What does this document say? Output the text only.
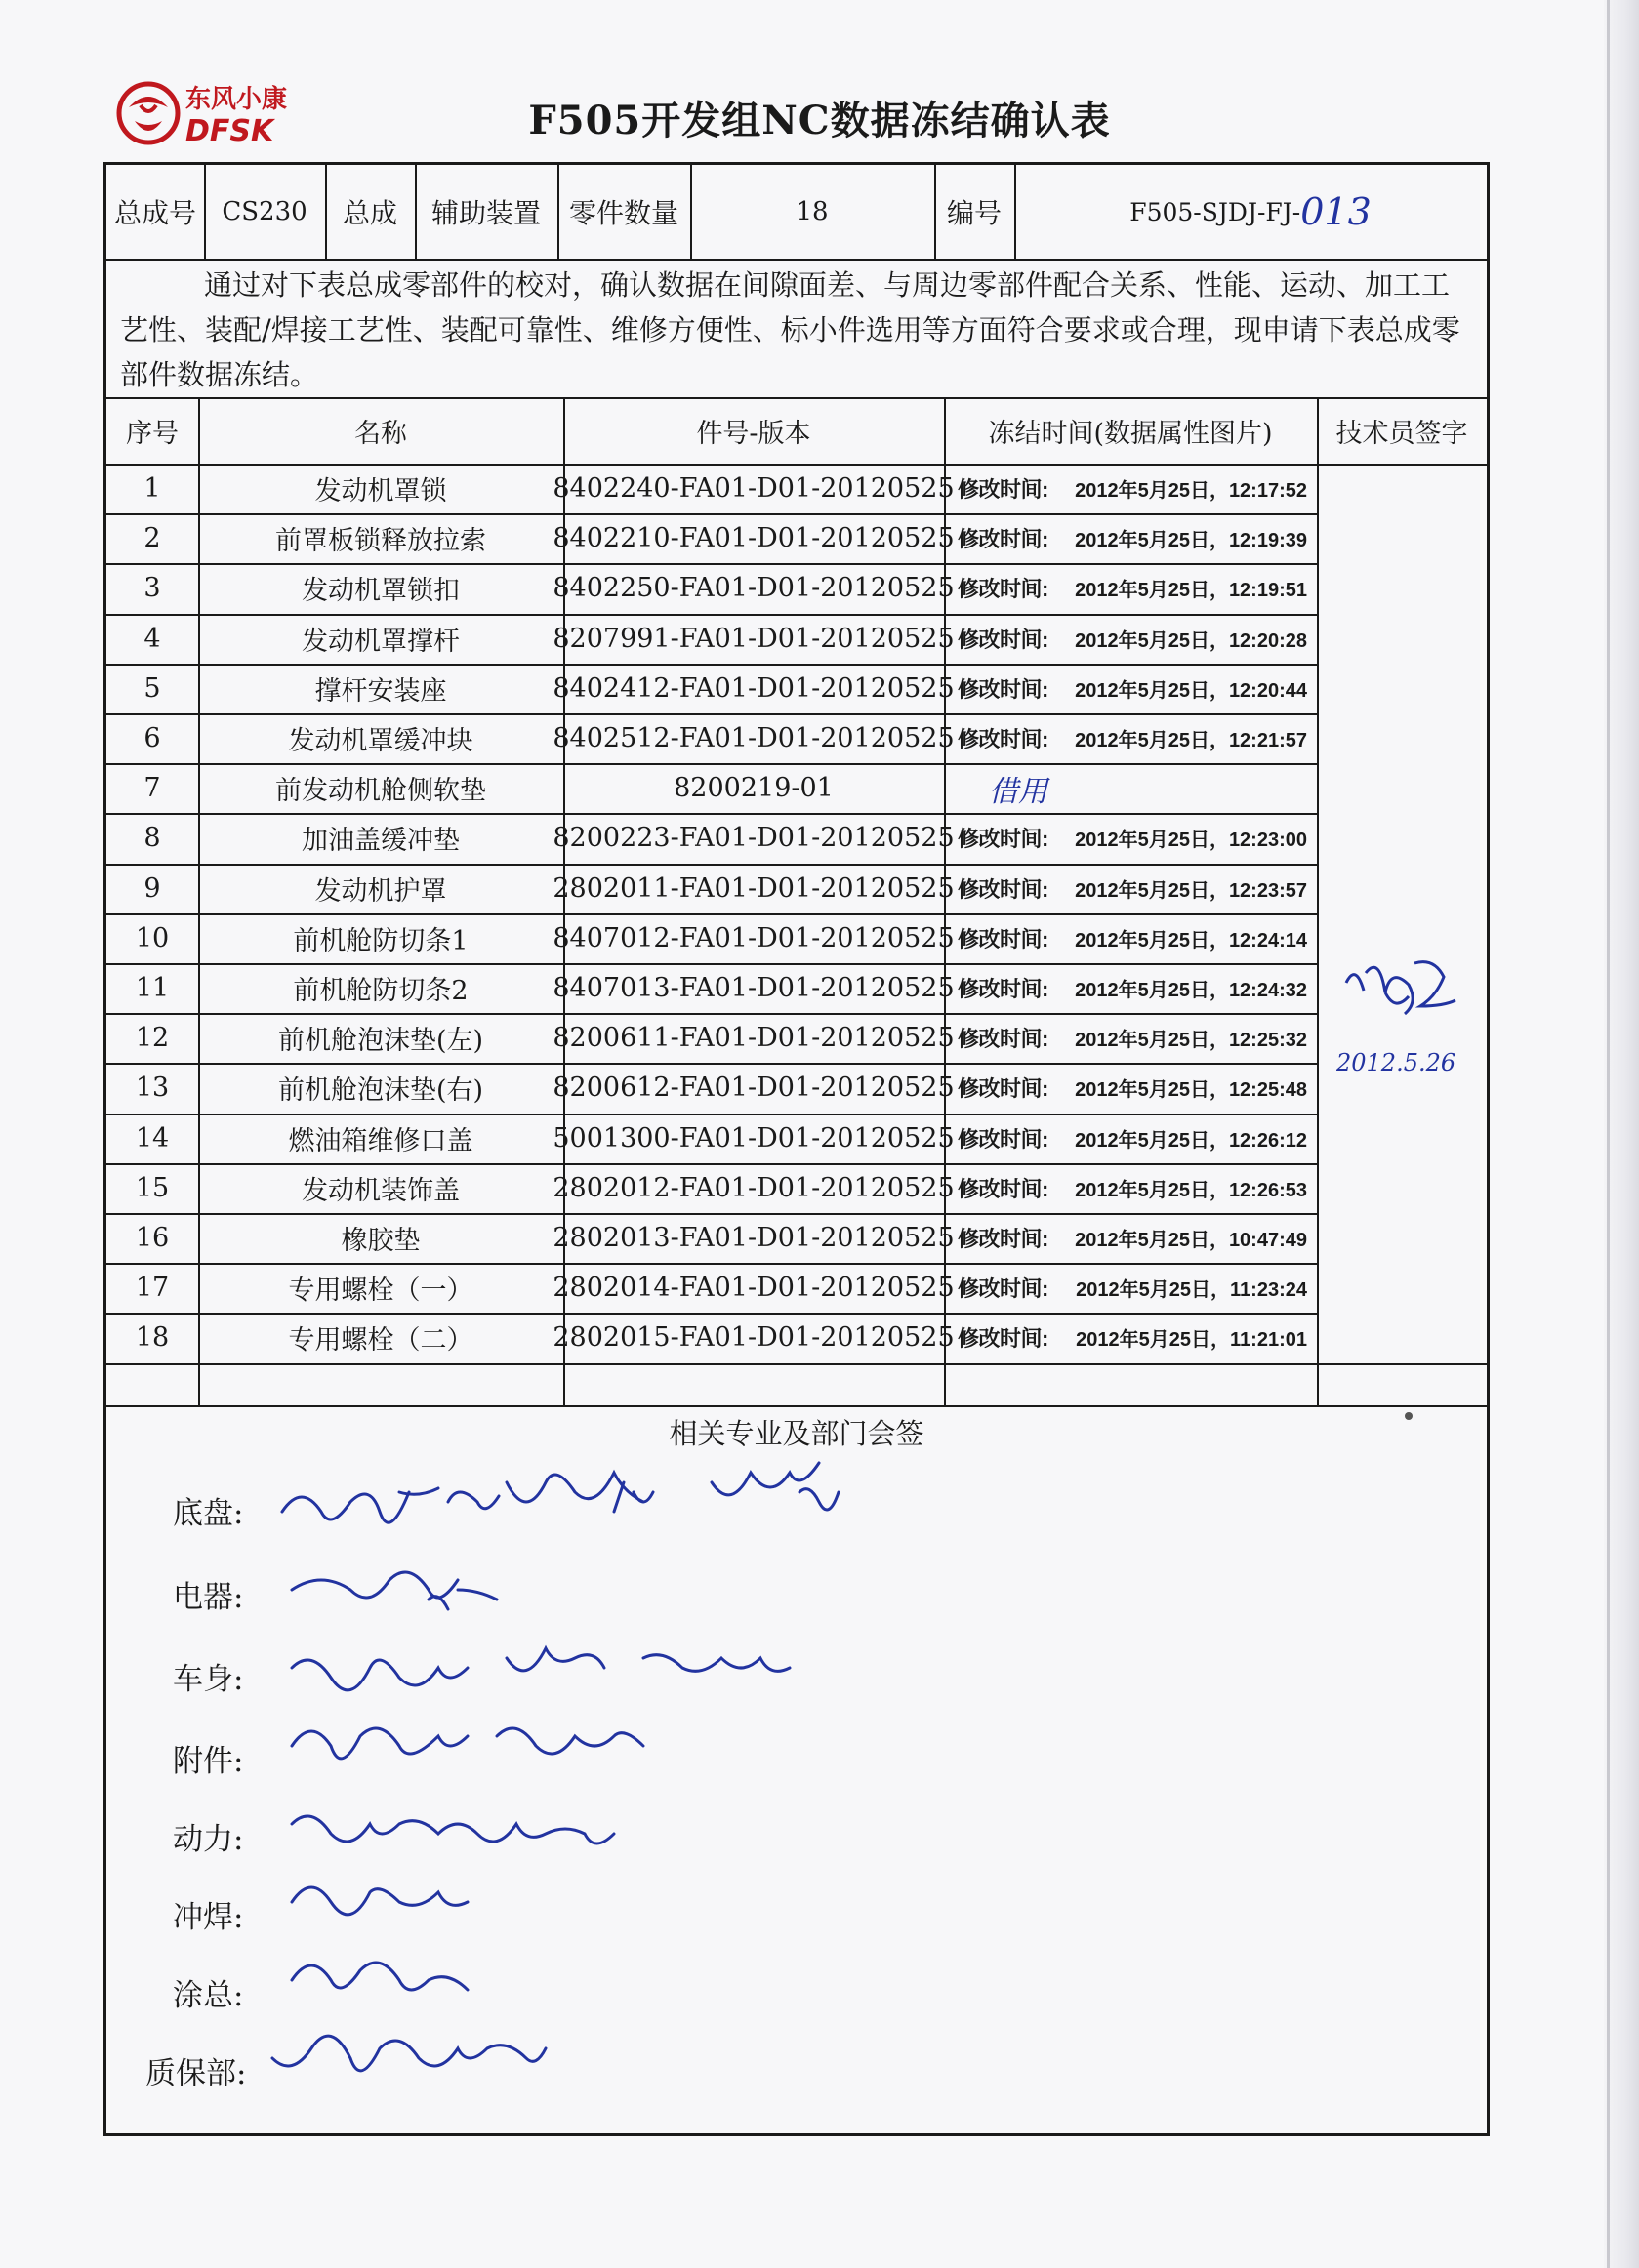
东风小康
DFSK	F505开发组NC数据冻结确认表
总成号	CS230	总成	辅助装置	零件数量	18	编号	F505-SJDJ-FJ- 013
通过对下表总成零部件的校对，确认数据在间隙面差、与周边零部件配合关系、性能、运动、加工工艺性、装配/焊接工艺性、装配可靠性、维修方便性、标小件选用等方面符合要求或合理，现申请下表总成零部件数据冻结。
序号	名称	件号-版本	冻结时间(数据属性图片)	技术员签字
1	发动机罩锁	8402240-FA01-D01-20120525 修改时间: 2012年5月25日，12:17:52
2	前罩板锁释放拉索	8402210-FA01-D01-20120525 修改时间: 2012年5月25日，12:19:39
3	发动机罩锁扣	8402250-FA01-D01-20120525 修改时间: 2012年5月25日，12:19:51
4	发动机罩撑杆	8207991-FA01-D01-20120525 修改时间: 2012年5月25日，12:20:28
5	撑杆安装座	8402412-FA01-D01-20120525 修改时间: 2012年5月25日，12:20:44
6	发动机罩缓冲块	8402512-FA01-D01-20120525 修改时间: 2012年5月25日，12:21:57
7	前发动机舱侧软垫	8200219-01	借用
8	加油盖缓冲垫	8200223-FA01-D01-20120525 修改时间: 2012年5月25日，12:23:00
9	发动机护罩	2802011-FA01-D01-20120525 修改时间: 2012年5月25日，12:23:57
10	前机舱防切条1	8407012-FA01-D01-20120525 修改时间: 2012年5月25日，12:24:14
11	前机舱防切条2	8407013-FA01-D01-20120525 修改时间: 2012年5月25日，12:24:32
12	前机舱泡沫垫(左)	8200611-FA01-D01-20120525 修改时间: 2012年5月25日，12:25:32
13	前机舱泡沫垫(右)	8200612-FA01-D01-20120525 修改时间: 2012年5月25日，12:25:48
14	燃油箱维修口盖	5001300-FA01-D01-20120525 修改时间: 2012年5月25日，12:26:12
15	发动机装饰盖	2802012-FA01-D01-20120525 修改时间: 2012年5月25日，12:26:53
16	橡胶垫	2802013-FA01-D01-20120525 修改时间: 2012年5月25日，10:47:49
17	专用螺栓（一）	2802014-FA01-D01-20120525 修改时间: 2012年5月25日，11:23:24
18	专用螺栓（二）	2802015-FA01-D01-20120525 修改时间: 2012年5月25日，11:21:01
2012.5.26
相关专业及部门会签
底盘:
电器:
车身:
附件:
动力:
冲焊:
涂总:
质保部:
